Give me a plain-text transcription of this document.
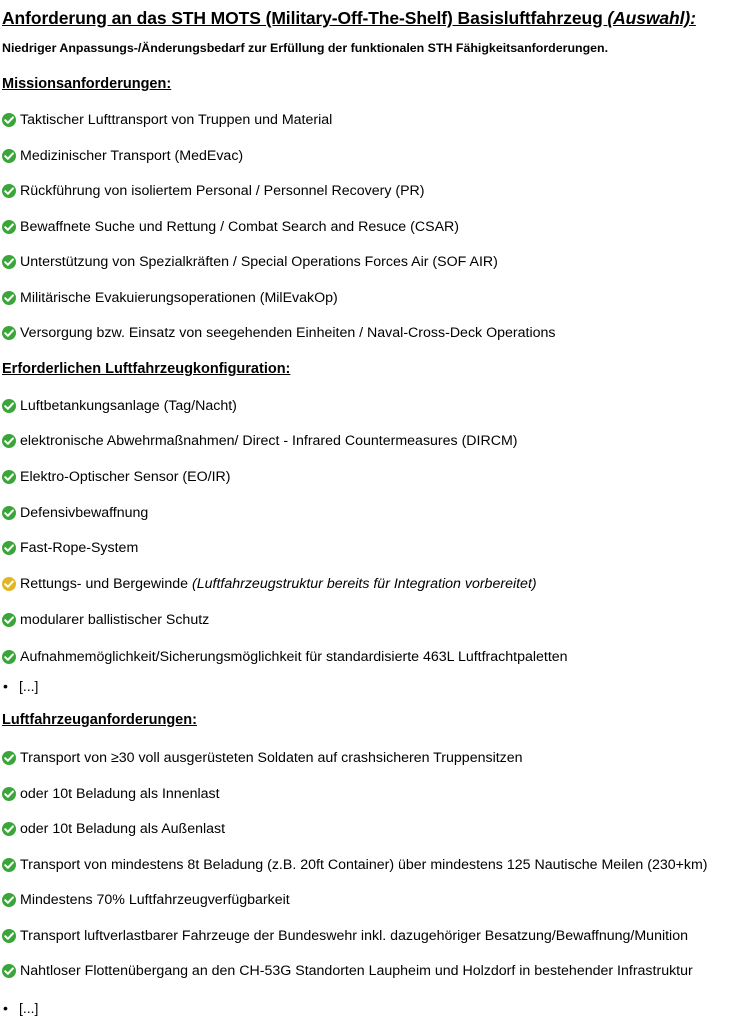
Anforderung an das STH MOTS (Military-Off-The-Shelf) Basisluftfahrzeug (Auswahl):

Niedriger Anpassungs-/Änderungsbedarf zur Erfüllung der funktionalen STH Fähigkeitsanforderungen.

Missionsanforderungen:
Taktischer Lufttransport von Truppen und Material
Medizinischer Transport (MedEvac)
Rückführung von isoliertem Personal / Personnel Recovery (PR)
Bewaffnete Suche und Rettung / Combat Search and Resuce (CSAR)
Unterstützung von Spezialkräften / Special Operations Forces Air (SOF AIR)
Militärische Evakuierungsoperationen (MilEvakOp)
Versorgung bzw. Einsatz von seegehenden Einheiten / Naval-Cross-Deck Operations
Erforderlichen Luftfahrzeugkonfiguration:
Luftbetankungsanlage (Tag/Nacht)
elektronische Abwehrmaßnahmen/ Direct - Infrared Countermeasures (DIRCM)
Elektro-Optischer Sensor (EO/IR)
Defensivbewaffnung
Fast-Rope-System
Rettungs- und Bergewinde (Luftfahrzeugstruktur bereits für Integration vorbereitet)
modularer ballistischer Schutz
Aufnahmemöglichkeit/Sicherungsmöglichkeit für standardisierte 463L Luftfrachtpaletten
• [...]
Luftfahrzeuganforderungen:
Transport von ≥30 voll ausgerüsteten Soldaten auf crashsicheren Truppensitzen
oder 10t Beladung als Innenlast
oder 10t Beladung als Außenlast
Transport von mindestens 8t Beladung (z.B. 20ft Container) über mindestens 125 Nautische Meilen (230+km)
Mindestens 70% Luftfahrzeugverfügbarkeit
Transport luftverlastbarer Fahrzeuge der Bundeswehr inkl. dazugehöriger Besatzung/Bewaffnung/Munition
Nahtloser Flottenübergang an den CH-53G Standorten Laupheim und Holzdorf in bestehender Infrastruktur
• [...]
